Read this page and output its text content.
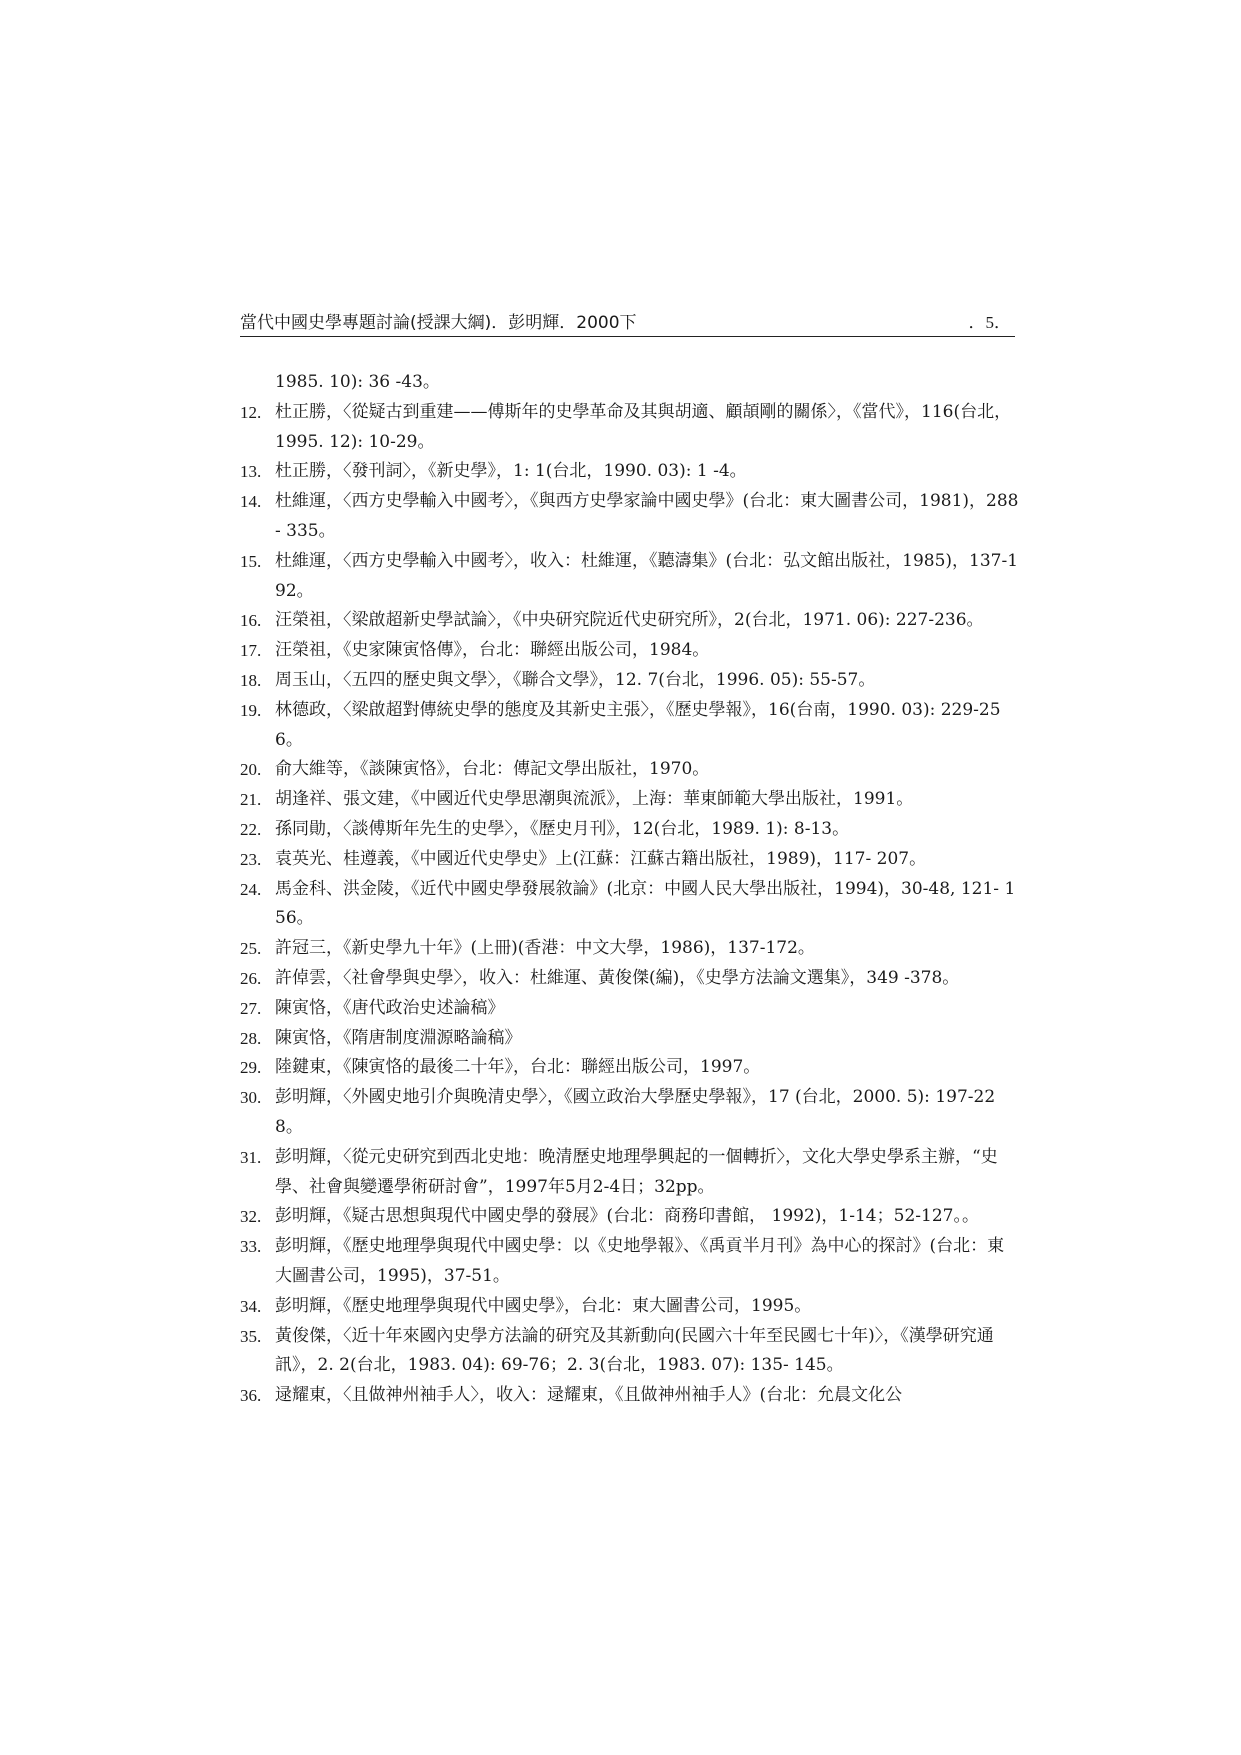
當代中國史學專題討論(授課大綱)．彭明輝．2000下	．5．
1985. 10): 36 -43。
12. 杜正勝，〈從疑古到重建——傅斯年的史學革命及其與胡適、顧頡剛的關係〉，《當代》，116(台北，1995. 12): 10-29。
13. 杜正勝，〈發刊詞〉，《新史學》，1: 1(台北，1990. 03): 1 -4。
14. 杜維運，〈西方史學輸入中國考〉，《與西方史學家論中國史學》(台北：東大圖書公司，1981)，288- 335。
15. 杜維運，〈西方史學輸入中國考〉，收入：杜維運，《聽濤集》(台北：弘文館出版社，1985)，137-192。
16. 汪榮祖，〈梁啟超新史學試論〉，《中央研究院近代史研究所》，2(台北，1971. 06): 227-236。
17. 汪榮祖，《史家陳寅恪傳》，台北：聯經出版公司，1984。
18. 周玉山，〈五四的歷史與文學〉，《聯合文學》，12. 7(台北，1996. 05): 55-57。
19. 林德政，〈梁啟超對傳統史學的態度及其新史主張〉，《歷史學報》，16(台南，1990. 03): 229-256。
20. 俞大維等，《談陳寅恪》，台北：傳記文學出版社，1970。
21. 胡逢祥、張文建，《中國近代史學思潮與流派》，上海：華東師範大學出版社，1991。
22. 孫同勛，〈談傅斯年先生的史學〉，《歷史月刊》，12(台北，1989. 1): 8-13。
23. 袁英光、桂遵義，《中國近代史學史》上(江蘇：江蘇古籍出版社，1989)，117- 207。
24. 馬金科、洪金陵，《近代中國史學發展敘論》(北京：中國人民大學出版社，1994)，30-48, 121- 156。
25. 許冠三，《新史學九十年》(上冊)(香港：中文大學，1986)，137-172。
26. 許倬雲，〈社會學與史學〉，收入：杜維運、黃俊傑(編)，《史學方法論文選集》，349 -378。
27. 陳寅恪，《唐代政治史述論稿》
28. 陳寅恪，《隋唐制度淵源略論稿》
29. 陸鍵東，《陳寅恪的最後二十年》，台北：聯經出版公司，1997。
30. 彭明輝，〈外國史地引介與晚清史學〉，《國立政治大學歷史學報》，17 (台北，2000. 5): 197-228。
31. 彭明輝，〈從元史研究到西北史地：晚清歷史地理學興起的一個轉折〉，文化大學史學系主辦，“史學、社會與變遷學術研討會”，1997年5月2-4日；32pp。
32. 彭明輝，《疑古思想與現代中國史學的發展》(台北：商務印書館， 1992)，1-14；52-127。。
33. 彭明輝，《歷史地理學與現代中國史學：以《史地學報》、《禹貢半月刊》為中心的探討》(台北：東大圖書公司，1995)，37-51。
34. 彭明輝，《歷史地理學與現代中國史學》，台北：東大圖書公司，1995。
35. 黃俊傑，〈近十年來國內史學方法論的研究及其新動向(民國六十年至民國七十年)〉，《漢學研究通訊》，2. 2(台北，1983. 04): 69-76；2. 3(台北，1983. 07): 135- 145。
36. 逯耀東，〈且做神州袖手人〉，收入：逯耀東，《且做神州袖手人》(台北：允晨文化公
